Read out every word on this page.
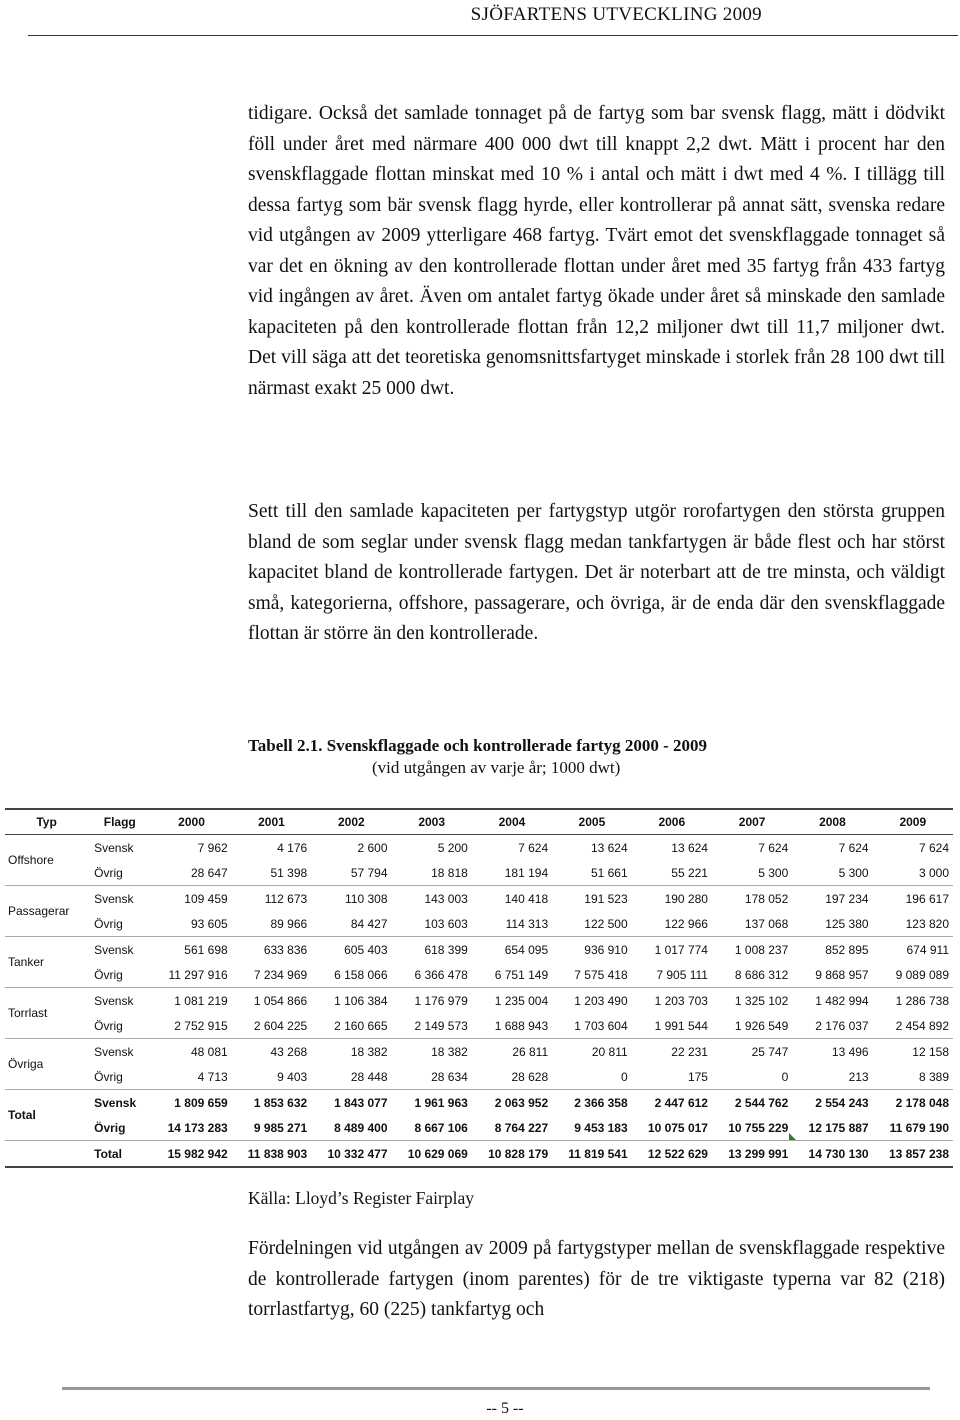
SJÖFARTENS UTVECKLING 2009

tidigare. Också det samlade tonnaget på de fartyg som bar svensk flagg, mätt i dödvikt föll under året med närmare 400 000 dwt till knappt 2,2 dwt. Mätt i procent har den svenskflaggade flottan minskat med 10 % i antal och mätt i dwt med 4 %. I tillägg till dessa fartyg som bär svensk flagg hyrde, eller kontrollerar på annat sätt, svenska redare vid utgången av 2009 ytterligare 468 fartyg. Tvärt emot det svenskflaggade tonnaget så var det en ökning av den kontrollerade flottan under året med 35 fartyg från 433 fartyg vid ingången av året. Även om antalet fartyg ökade under året så minskade den samlade kapaciteten på den kontrollerade flottan från 12,2 miljoner dwt till 11,7 miljoner dwt. Det vill säga att det teoretiska genomsnittsfartyget minskade i storlek från 28 100 dwt till närmast exakt 25 000 dwt.

Sett till den samlade kapaciteten per fartygstyp utgör rorofartygen den största gruppen bland de som seglar under svensk flagg medan tankfartygen är både flest och har störst kapacitet bland de kontrollerade fartygen. Det är noterbart att de tre minsta, och väldigt små, kategorierna, offshore, passagerare, och övriga, är de enda där den svenskflaggade flottan är större än den kontrollerade.

Tabell 2.1. Svenskflaggade och kontrollerade fartyg 2000 - 2009
(vid utgången av varje år; 1000 dwt)
Typ	Flagg	2000	2001	2002	2003	2004	2005	2006	2007	2008	2009
Offshore	Svensk	7 962	4 176	2 600	5 200	7 624	13 624	13 624	7 624	7 624	7 624
	Övrig	28 647	51 398	57 794	18 818	181 194	51 661	55 221	5 300	5 300	3 000
Passagerar	Svensk	109 459	112 673	110 308	143 003	140 418	191 523	190 280	178 052	197 234	196 617
	Övrig	93 605	89 966	84 427	103 603	114 313	122 500	122 966	137 068	125 380	123 820
Tanker	Svensk	561 698	633 836	605 403	618 399	654 095	936 910	1 017 774	1 008 237	852 895	674 911
	Övrig	11 297 916	7 234 969	6 158 066	6 366 478	6 751 149	7 575 418	7 905 111	8 686 312	9 868 957	9 089 089
Torrlast	Svensk	1 081 219	1 054 866	1 106 384	1 176 979	1 235 004	1 203 490	1 203 703	1 325 102	1 482 994	1 286 738
	Övrig	2 752 915	2 604 225	2 160 665	2 149 573	1 688 943	1 703 604	1 991 544	1 926 549	2 176 037	2 454 892
Övriga	Svensk	48 081	43 268	18 382	18 382	26 811	20 811	22 231	25 747	13 496	12 158
	Övrig	4 713	9 403	28 448	28 634	28 628	0	175	0	213	8 389
Total	Svensk	1 809 659	1 853 632	1 843 077	1 961 963	2 063 952	2 366 358	2 447 612	2 544 762	2 554 243	2 178 048
	Övrig	14 173 283	9 985 271	8 489 400	8 667 106	8 764 227	9 453 183	10 075 017	10 755 229	12 175 887	11 679 190
	Total	15 982 942	11 838 903	10 332 477	10 629 069	10 828 179	11 819 541	12 522 629	13 299 991	14 730 130	13 857 238
Källa: Lloyd’s Register Fairplay

Fördelningen vid utgången av 2009 på fartygstyper mellan de svenskflaggade respektive de kontrollerade fartygen (inom parentes) för de tre viktigaste typerna var 82 (218) torrlastfartyg, 60 (225) tankfartyg och

-- 5 --
